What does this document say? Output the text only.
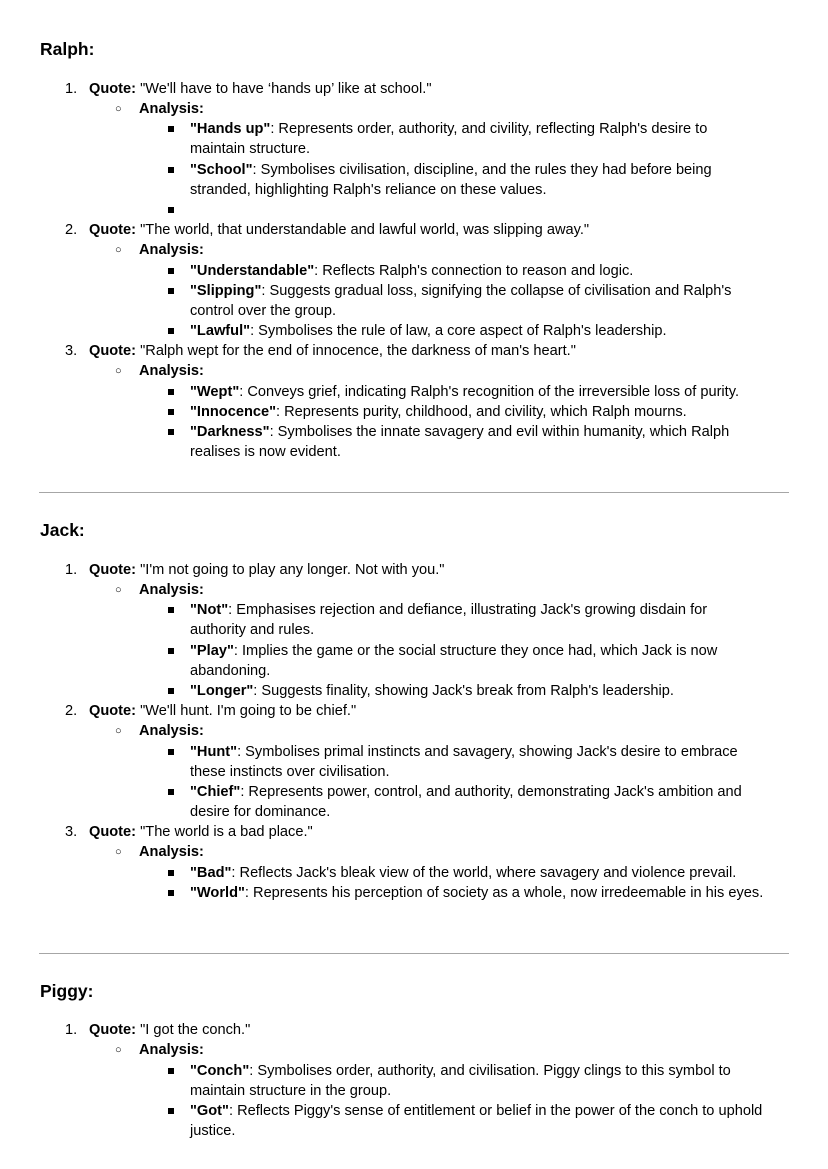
Ralph:
1. Quote: "We'll have to have ‘hands up’ like at school."
○ Analysis:
"Hands up": Represents order, authority, and civility, reflecting Ralph's desire to maintain structure.
"School": Symbolises civilisation, discipline, and the rules they had before being stranded, highlighting Ralph's reliance on these values.
2. Quote: "The world, that understandable and lawful world, was slipping away."
○ Analysis:
"Understandable": Reflects Ralph's connection to reason and logic.
"Slipping": Suggests gradual loss, signifying the collapse of civilisation and Ralph's control over the group.
"Lawful": Symbolises the rule of law, a core aspect of Ralph's leadership.
3. Quote: "Ralph wept for the end of innocence, the darkness of man's heart."
○ Analysis:
"Wept": Conveys grief, indicating Ralph's recognition of the irreversible loss of purity.
"Innocence": Represents purity, childhood, and civility, which Ralph mourns.
"Darkness": Symbolises the innate savagery and evil within humanity, which Ralph realises is now evident.
Jack:
1. Quote: "I'm not going to play any longer. Not with you."
○ Analysis:
"Not": Emphasises rejection and defiance, illustrating Jack's growing disdain for authority and rules.
"Play": Implies the game or the social structure they once had, which Jack is now abandoning.
"Longer": Suggests finality, showing Jack's break from Ralph's leadership.
2. Quote: "We'll hunt. I'm going to be chief."
○ Analysis:
"Hunt": Symbolises primal instincts and savagery, showing Jack's desire to embrace these instincts over civilisation.
"Chief": Represents power, control, and authority, demonstrating Jack's ambition and desire for dominance.
3. Quote: "The world is a bad place."
○ Analysis:
"Bad": Reflects Jack's bleak view of the world, where savagery and violence prevail.
"World": Represents his perception of society as a whole, now irredeemable in his eyes.
Piggy:
1. Quote: "I got the conch."
○ Analysis:
"Conch": Symbolises order, authority, and civilisation. Piggy clings to this symbol to maintain structure in the group.
"Got": Reflects Piggy's sense of entitlement or belief in the power of the conch to uphold justice.
